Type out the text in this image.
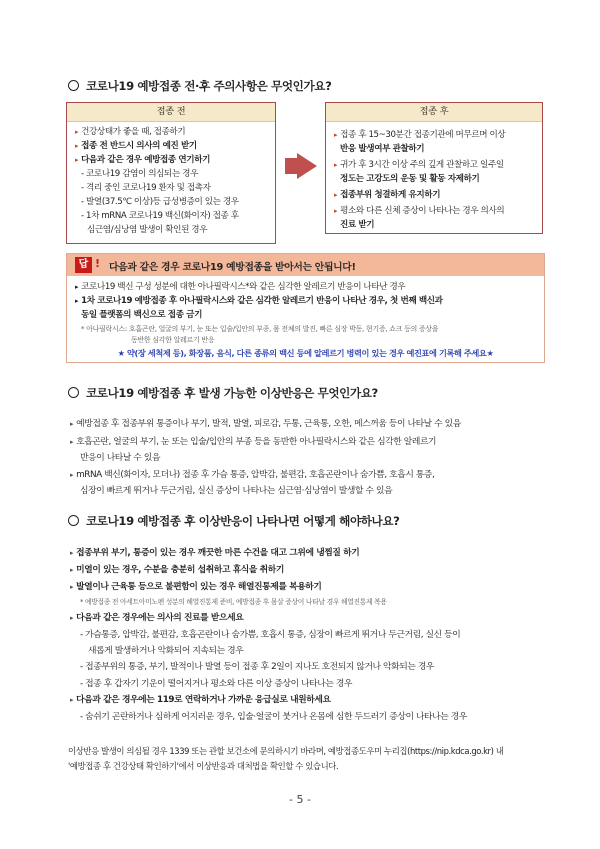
코로나19 예방접종 전·후 주의사항은 무엇인가요?
접종 전
▸ 건강상태가 좋을 때, 접종하기
▸ 접종 전 반드시 의사의 예진 받기
▸ 다음과 같은 경우 예방접종 연기하기
- 코로나19 감염이 의심되는 경우
- 격리 중인 코로나19 환자 및 접촉자
- 발열(37.5℃ 이상)등 급성병증이 있는 경우
- 1차 mRNA 코로나19 백신(화이자) 접종 후
심근염/심낭염 발생이 확인된 경우
접종 후
▸ 접종 후 15~30분간 접종기관에 머무르며 이상
반응 발생여부 관찰하기
▸ 귀가 후 3시간 이상 주의 깊게 관찰하고 일주일
정도는 고강도의 운동 및 활동 자제하기
▸ 접종부위 청결하게 유지하기
▸ 평소와 다른 신체 증상이 나타나는 경우 의사의
진료 받기
답 ! 다음과 같은 경우 코로나19 예방접종을 받아서는 안됩니다!
▸ 코로나19 백신 구성 성분에 대한 아나필락시스*와 같은 심각한 알레르기 반응이 나타난 경우
▸ 1차 코로나19 예방접종 후 아나필락시스와 같은 심각한 알레르기 반응이 나타난 경우, 첫 번째 백신과
동일 플랫폼의 백신으로 접종 금기
* 아나필락시스: 호흡곤란, 얼굴의 부기, 눈 또는 입술/입안의 부종, 몸 전체의 발진, 빠른 심장 박동, 현기증, 쇼크 등의 증상을
동반한 심각한 알레르기 반응
★ 약(장 세척제 등), 화장품, 음식, 다른 종류의 백신 등에 알레르기 병력이 있는 경우 예진표에 기록해 주세요★
코로나19 예방접종 후 발생 가능한 이상반응은 무엇인가요?
▸ 예방접종 후 접종부위 통증이나 부기, 발적, 발열, 피로감, 두통, 근육통, 오한, 메스꺼움 등이 나타날 수 있음
▸ 호흡곤란, 얼굴의 부기, 눈 또는 입술/입안의 부종 등을 동반한 아나필락시스와 같은 심각한 알레르기
반응이 나타날 수 있음
▸ mRNA 백신(화이자, 모더나) 접종 후 가슴 통증, 압박감, 불편감, 호흡곤란이나 숨가쁨, 호흡시 통증,
심장이 빠르게 뛰거나 두근거림, 실신 증상이 나타나는 심근염·심낭염이 발생할 수 있음
코로나19 예방접종 후 이상반응이 나타나면 어떻게 해야하나요?
▸ 접종부위 부기, 통증이 있는 경우 깨끗한 마른 수건을 대고 그위에 냉찜질 하기
▸ 미열이 있는 경우, 수분을 충분히 섭취하고 휴식을 취하기
▸ 발열이나 근육통 등으로 불편함이 있는 경우 해열진통제를 복용하기
* 예방접종 전 아세트아미노펜 성분의 해열진통제 준비, 예방접종 후 몸살 증상이 나타날 경우 해열진통제 복용
▸ 다음과 같은 경우에는 의사의 진료를 받으세요
- 가슴통증, 압박감, 불편감, 호흡곤란이나 숨가쁨, 호흡시 통증, 심장이 빠르게 뛰거나 두근거림, 실신 등이
새롭게 발생하거나 악화되어 지속되는 경우
- 접종부위의 통증, 부기, 발적이나 발열 등이 접종 후 2일이 지나도 호전되지 않거나 악화되는 경우
- 접종 후 갑자기 기운이 떨어지거나 평소와 다른 이상 증상이 나타나는 경우
▸ 다음과 같은 경우에는 119로 연락하거나 가까운 응급실로 내원하세요
- 숨쉬기 곤란하거나 심하게 어지러운 경우, 입술·얼굴이 붓거나 온몸에 심한 두드러기 증상이 나타나는 경우
이상반응 발생이 의심될 경우 1339 또는 관할 보건소에 문의하시기 바라며, 예방접종도우미 누리집(https://nip.kdca.go.kr) 내
'예방접종 후 건강상태 확인하기'에서 이상반응과 대처법을 확인할 수 있습니다.
- 5 -
